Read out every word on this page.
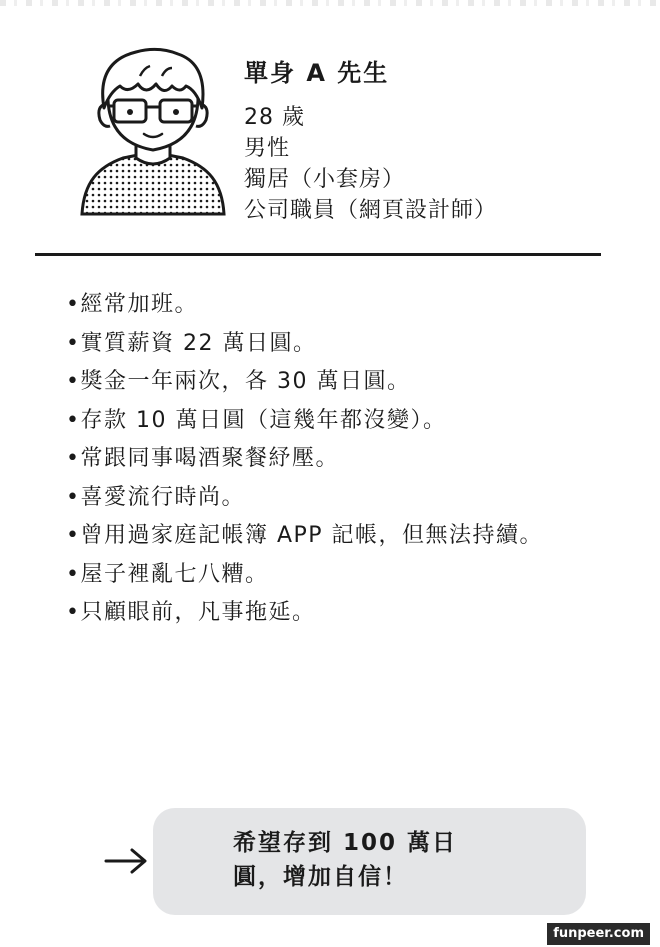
單身 A 先生

28 歲

男性

獨居（小套房）

公司職員（網頁設計師）

•經常加班。
•實質薪資 22 萬日圓。
•獎金一年兩次，各 30 萬日圓。
•存款 10 萬日圓（這幾年都沒變）。
•常跟同事喝酒聚餐紓壓。
•喜愛流行時尚。
•曾用過家庭記帳簿 APP 記帳，但無法持續。
•屋子裡亂七八糟。
•只顧眼前，凡事拖延。

希望存到 100 萬日
圓，增加自信！

funpeer.com
